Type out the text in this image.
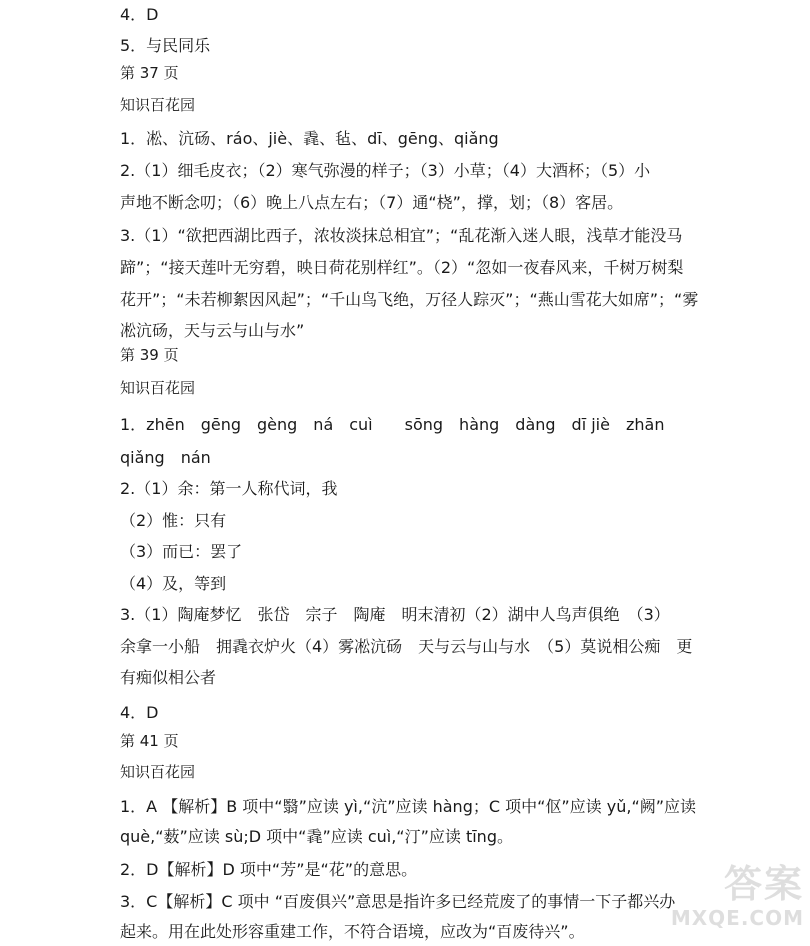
4．D
5．与民同乐
第 37 页
知识百花园
1．凇、沆砀、ráo、jiè、毳、毡、dī、gēng、qiǎng
2.（1）细毛皮衣；（2）寒气弥漫的样子；（3）小草；（4）大酒杯；（5）小
声地不断念叨；（6）晚上八点左右；（7）通“桡”，撑，划；（8）客居。
3.（1）“欲把西湖比西子，浓妆淡抹总相宜”；“乱花渐入迷人眼，浅草才能没马
蹄”；“接天莲叶无穷碧，映日荷花别样红”。（2）“忽如一夜春风来，千树万树梨
花开”；“未若柳絮因风起”；“千山鸟飞绝，万径人踪灭”；“燕山雪花大如席”；“雾
凇沆砀，天与云与山与水”
第 39 页
知识百花园
1．zhēn　gēng　gèng　ná　cuì　　sōng　hàng　dàng　dī jiè　zhān
qiǎng　nán
2.（1）余：第一人称代词，我
（2）惟：只有
（3）而已：罢了
（4）及，等到
3.（1）陶庵梦忆　张岱　宗子　陶庵　明末清初（2）湖中人鸟声俱绝　（3）
余拿一小船　拥毳衣炉火（4）雾凇沆砀　天与云与山与水　（5）莫说相公痴　更
有痴似相公者
4．D
第 41 页
知识百花园
1．A 【解析】B 项中“翳”应读 yì,“沆”应读 hàng；C 项中“伛”应读 yǔ,“阙”应读
què,“薮”应读 sù;D 项中“毳”应读 cuì,“汀”应读 tīng。
2．D【解析】D 项中“芳”是“花”的意思。
3．C【解析】C 项中 “百废俱兴”意思是指许多已经荒废了的事情一下子都兴办
起来。用在此处形容重建工作，不符合语境，应改为“百废待兴”。
答案
MXQE.COM
